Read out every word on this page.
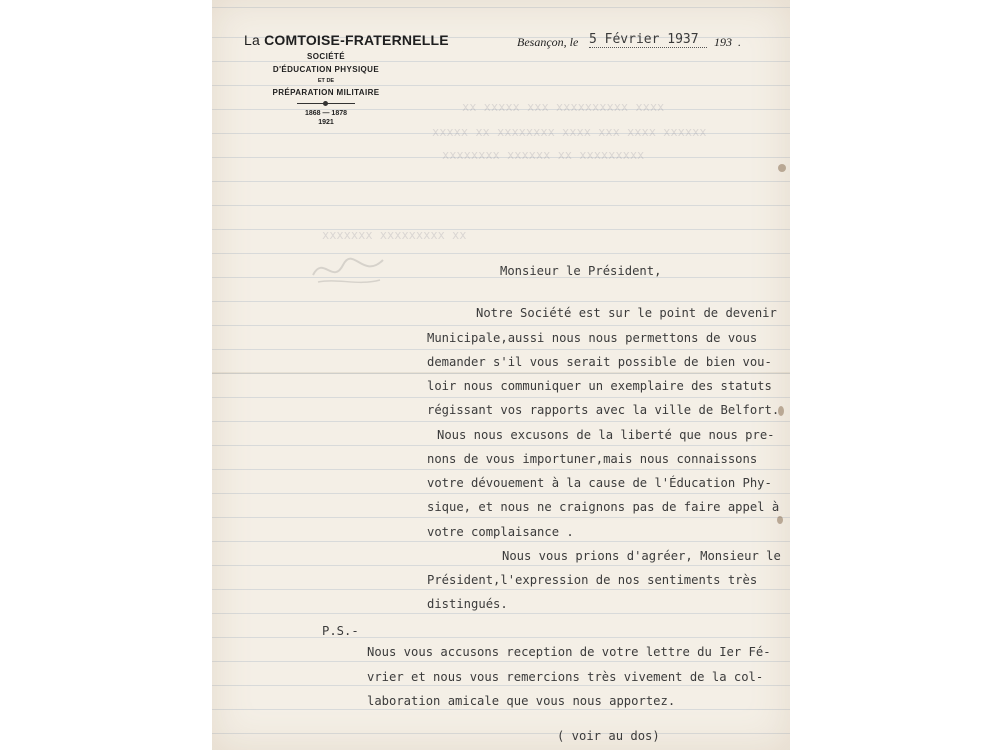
xxxx xxxxxxxxxx xxx xxxxx xx
xxxxxx xxxx xxx xxxx xxxxxxxx xx xxxxx
xxxxxxxxx xx xxxxxx xxxxxxxx
xx xxxxxxxxx xxxxxxx
La COMTOISE-FRATERNELLE
SOCIÉTÉ
D'ÉDUCATION PHYSIQUE
ET DE
PRÉPARATION MILITAIRE
1868 — 1878
1921
Besançon, le 5 Février 1937	193 .
Monsieur le Président,
Notre Société est sur le point de devenir
Municipale,aussi nous nous permettons de vous
demander s'il vous serait possible de bien vou-
loir nous communiquer un exemplaire des statuts
régissant vos rapports avec la ville de Belfort.
Nous nous excusons de la liberté que nous pre-
nons de vous importuner,mais nous connaissons
votre dévouement à la cause de l'Éducation Phy-
sique, et nous ne craignons pas de faire appel à
votre complaisance .
Nous vous prions d'agréer, Monsieur le
Président,l'expression de nos sentiments très
distingués.
P.S.-
Nous vous accusons reception de votre lettre du Ier Fé-
vrier et nous vous remercions très vivement de la col-
laboration amicale que vous nous apportez.
( voir au dos)
